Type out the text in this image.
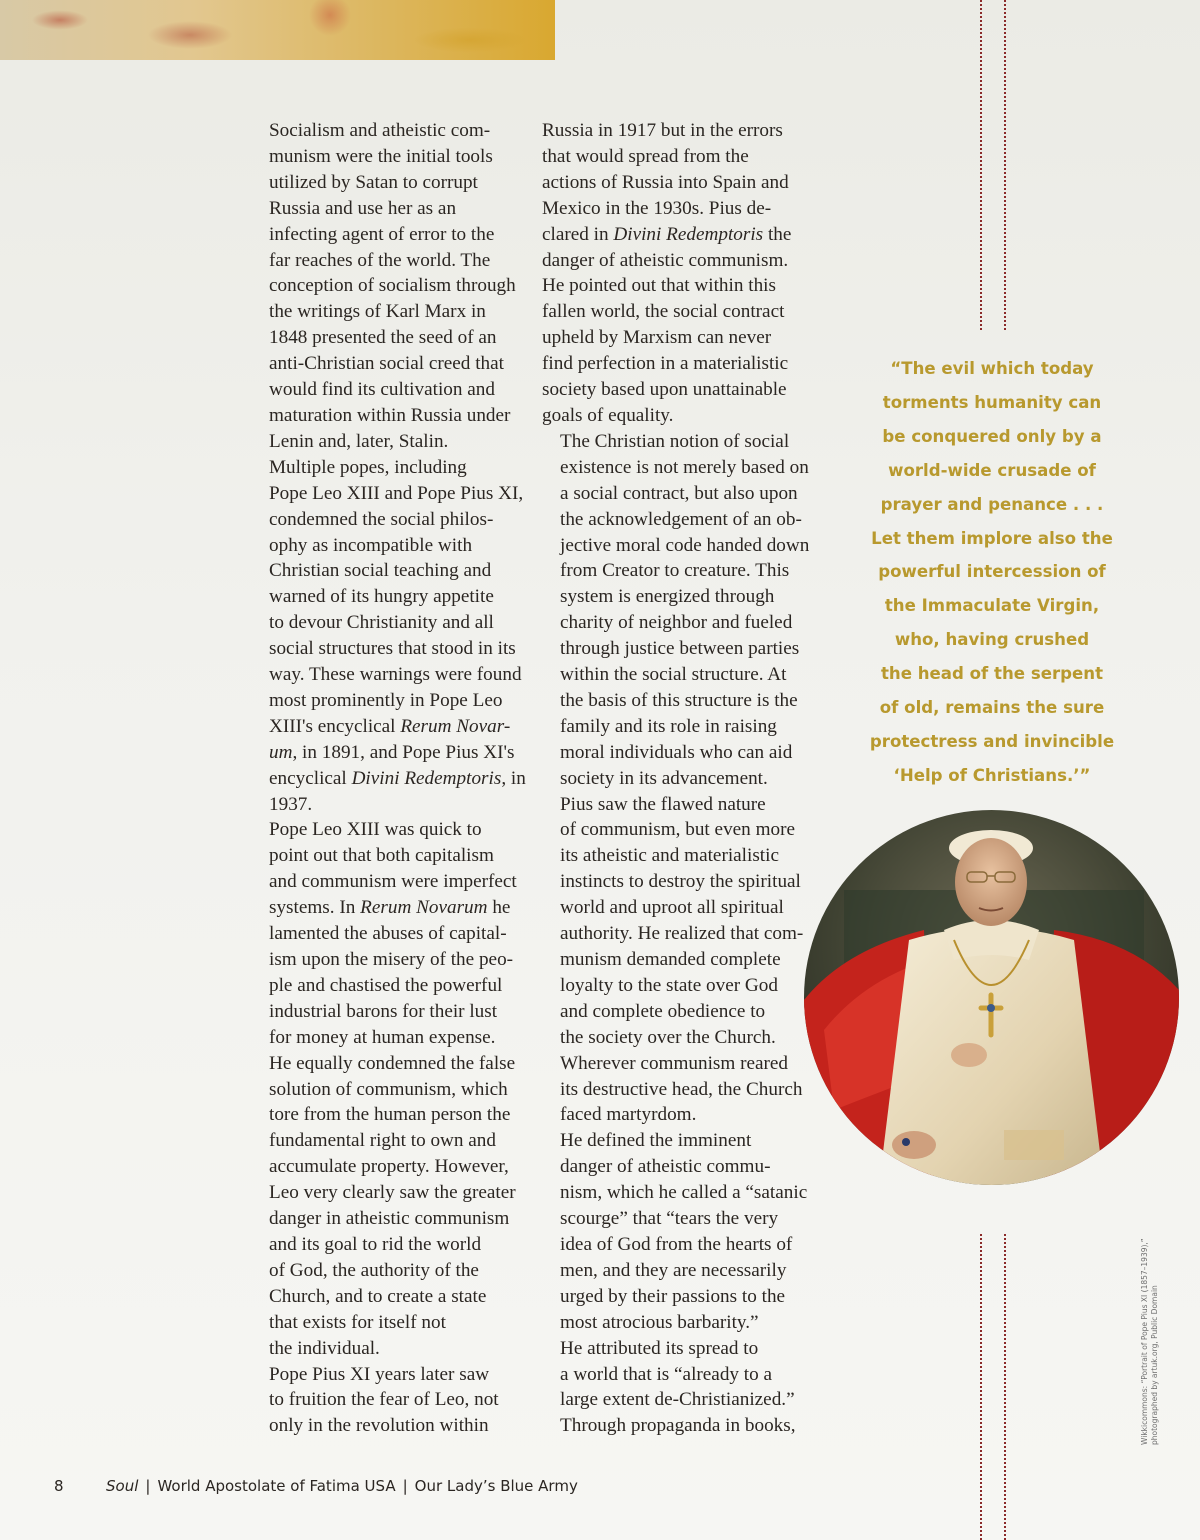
Socialism and atheistic com-
munism were the initial tools
utilized by Satan to corrupt
Russia and use her as an
infecting agent of error to the
far reaches of the world. The
conception of socialism through
the writings of Karl Marx in
1848 presented the seed of an
anti-Christian social creed that
would find its cultivation and
maturation within Russia under
Lenin and, later, Stalin.

Multiple popes, including
Pope Leo XIII and Pope Pius XI,
condemned the social philos-
ophy as incompatible with
Christian social teaching and
warned of its hungry appetite
to devour Christianity and all
social structures that stood in its
way. These warnings were found
most prominently in Pope Leo
XIII's encyclical Rerum Novar-
um, in 1891, and Pope Pius XI's
encyclical Divini Redemptoris, in
1937.

Pope Leo XIII was quick to
point out that both capitalism
and communism were imperfect
systems. In Rerum Novarum he
lamented the abuses of capital-
ism upon the misery of the peo-
ple and chastised the powerful
industrial barons for their lust
for money at human expense.
He equally condemned the false
solution of communism, which
tore from the human person the
fundamental right to own and
accumulate property. However,
Leo very clearly saw the greater
danger in atheistic communism
and its goal to rid the world
of God, the authority of the
Church, and to create a state
that exists for itself not
the individual.

Pope Pius XI years later saw
to fruition the fear of Leo, not
only in the revolution within

Russia in 1917 but in the errors
that would spread from the
actions of Russia into Spain and
Mexico in the 1930s. Pius de-
clared in Divini Redemptoris the
danger of atheistic communism.
He pointed out that within this
fallen world, the social contract
upheld by Marxism can never
find perfection in a materialistic
society based upon unattainable
goals of equality.

The Christian notion of social
existence is not merely based on
a social contract, but also upon
the acknowledgement of an ob-
jective moral code handed down
from Creator to creature. This
system is energized through
charity of neighbor and fueled
through justice between parties
within the social structure. At
the basis of this structure is the
family and its role in raising
moral individuals who can aid
society in its advancement.

Pius saw the flawed nature
of communism, but even more
its atheistic and materialistic
instincts to destroy the spiritual
world and uproot all spiritual
authority. He realized that com-
munism demanded complete
loyalty to the state over God
and complete obedience to
the society over the Church.
Wherever communism reared
its destructive head, the Church
faced martyrdom.

He defined the imminent
danger of atheistic commu-
nism, which he called a “satanic
scourge” that “tears the very
idea of God from the hearts of
men, and they are necessarily
urged by their passions to the
most atrocious barbarity.”

He attributed its spread to
a world that is “already to a
large extent de-Christianized.”
Through propaganda in books,

“The evil which today
torments humanity can
be conquered only by a
world-wide crusade of
prayer and penance . . .
Let them implore also the
powerful intercession of
the Immaculate Virgin,
who, having crushed
the head of the serpent
of old, remains the sure
protectress and invincible
‘Help of Christians.’”
Wikkicommons: “Portrait of Pope Pius XI (1857–1939),” photographed by artuk.org, Public Domain
8	Soul | World Apostolate of Fatima USA | Our Lady’s Blue Army
